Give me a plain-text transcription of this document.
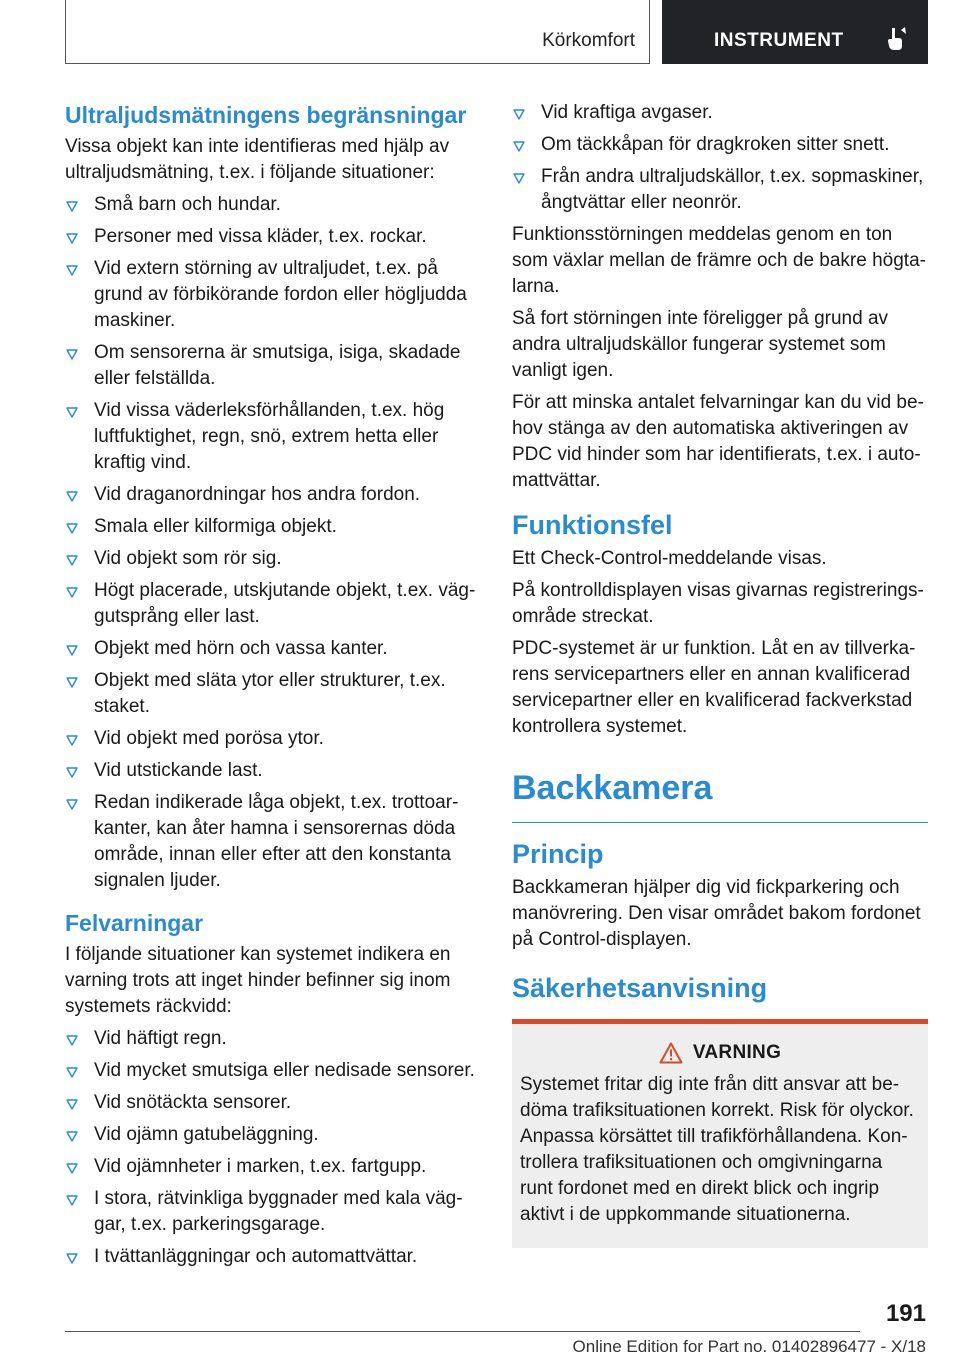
Körkomfort	INSTRUMENT
Ultraljudsmätningens begränsningar
Vissa objekt kan inte identifieras med hjälp av ultraljudsmätning, t.ex. i följande situationer:
Små barn och hundar.
Personer med vissa kläder, t.ex. rockar.
Vid extern störning av ultraljudet, t.ex. på grund av förbikörande fordon eller högljudda maskiner.
Om sensorerna är smutsiga, isiga, skadade eller felställda.
Vid vissa väderleksförhållanden, t.ex. hög luftfuktighet, regn, snö, extrem hetta eller kraftig vind.
Vid draganordningar hos andra fordon.
Smala eller kilformiga objekt.
Vid objekt som rör sig.
Högt placerade, utskjutande objekt, t.ex. väggutsprång eller last.
Objekt med hörn och vassa kanter.
Objekt med släta ytor eller strukturer, t.ex. staket.
Vid objekt med porösa ytor.
Vid utstickande last.
Redan indikerade låga objekt, t.ex. trottoarkanter, kan åter hamna i sensorernas döda område, innan eller efter att den konstanta signalen ljuder.
Felvarningar
I följande situationer kan systemet indikera en varning trots att inget hinder befinner sig inom systemets räckvidd:
Vid häftigt regn.
Vid mycket smutsiga eller nedisade sensorer.
Vid snötäckta sensorer.
Vid ojämn gatubeläggning.
Vid ojämnheter i marken, t.ex. fartgupp.
I stora, rätvinkliga byggnader med kala väggar, t.ex. parkeringsgarage.
I tvättanläggningar och automattvättar.
Vid kraftiga avgaser.
Om täckkåpan för dragkroken sitter snett.
Från andra ultraljudskällor, t.ex. sopmaskiner, ångtvättar eller neonrör.
Funktionsstörningen meddelas genom en ton som växlar mellan de främre och de bakre högtalarna.
Så fort störningen inte föreligger på grund av andra ultraljudskällor fungerar systemet som vanligt igen.
För att minska antalet felvarningar kan du vid behov stänga av den automatiska aktiveringen av PDC vid hinder som har identifierats, t.ex. i automattvättar.
Funktionsfel
Ett Check-Control-meddelande visas.
På kontrolldisplayen visas givarnas registreringsområde streckat.
PDC-systemet är ur funktion. Låt en av tillverkarens servicepartners eller en annan kvalificerad servicepartner eller en kvalificerad fackverkstad kontrollera systemet.
Backkamera
Princip
Backkameran hjälper dig vid fickparkering och manövrering. Den visar området bakom fordonet på Control-displayen.
Säkerhetsanvisning
VARNING
Systemet fritar dig inte från ditt ansvar att bedöma trafiksituationen korrekt. Risk för olyckor. Anpassa körsättet till trafikförhållandena. Kontrollera trafiksituationen och omgivningarna runt fordonet med en direkt blick och ingrip aktivt i de uppkommande situationerna.
191
Online Edition for Part no. 01402896477 - X/18
